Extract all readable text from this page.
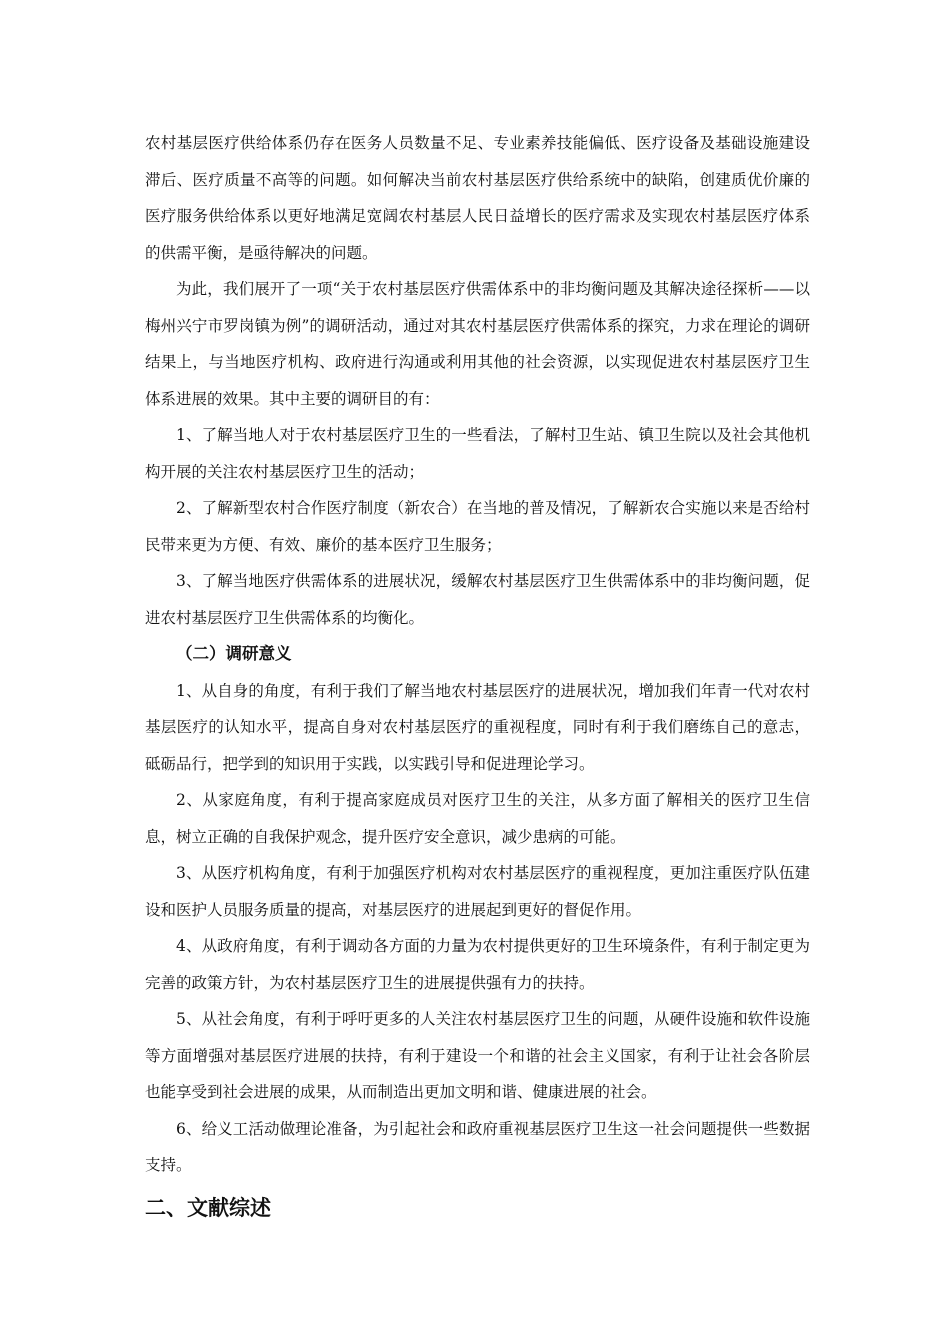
农村基层医疗供给体系仍存在医务人员数量不足、专业素养技能偏低、医疗设备及基础设施建设滞后、医疗质量不高等的问题。如何解决当前农村基层医疗供给系统中的缺陷，创建质优价廉的医疗服务供给体系以更好地满足宽阔农村基层人民日益增长的医疗需求及实现农村基层医疗体系的供需平衡，是亟待解决的问题。

为此，我们展开了一项“关于农村基层医疗供需体系中的非均衡问题及其解决途径探析——以梅州兴宁市罗岗镇为例”的调研活动，通过对其农村基层医疗供需体系的探究，力求在理论的调研结果上，与当地医疗机构、政府进行沟通或利用其他的社会资源，以实现促进农村基层医疗卫生体系进展的效果。其中主要的调研目的有：

1、了解当地人对于农村基层医疗卫生的一些看法，了解村卫生站、镇卫生院以及社会其他机构开展的关注农村基层医疗卫生的活动；

2、了解新型农村合作医疗制度（新农合）在当地的普及情况，了解新农合实施以来是否给村民带来更为方便、有效、廉价的基本医疗卫生服务；

3、了解当地医疗供需体系的进展状况，缓解农村基层医疗卫生供需体系中的非均衡问题，促进农村基层医疗卫生供需体系的均衡化。

（二）调研意义

1、从自身的角度，有利于我们了解当地农村基层医疗的进展状况，增加我们年青一代对农村基层医疗的认知水平，提高自身对农村基层医疗的重视程度，同时有利于我们磨练自己的意志，砥砺品行，把学到的知识用于实践，以实践引导和促进理论学习。

2、从家庭角度，有利于提高家庭成员对医疗卫生的关注，从多方面了解相关的医疗卫生信息，树立正确的自我保护观念，提升医疗安全意识，减少患病的可能。

3、从医疗机构角度，有利于加强医疗机构对农村基层医疗的重视程度，更加注重医疗队伍建设和医护人员服务质量的提高，对基层医疗的进展起到更好的督促作用。

4、从政府角度，有利于调动各方面的力量为农村提供更好的卫生环境条件，有利于制定更为完善的政策方针，为农村基层医疗卫生的进展提供强有力的扶持。

5、从社会角度，有利于呼吁更多的人关注农村基层医疗卫生的问题，从硬件设施和软件设施等方面增强对基层医疗进展的扶持，有利于建设一个和谐的社会主义国家，有利于让社会各阶层也能享受到社会进展的成果，从而制造出更加文明和谐、健康进展的社会。

6、给义工活动做理论准备，为引起社会和政府重视基层医疗卫生这一社会问题提供一些数据支持。

二、文献综述
